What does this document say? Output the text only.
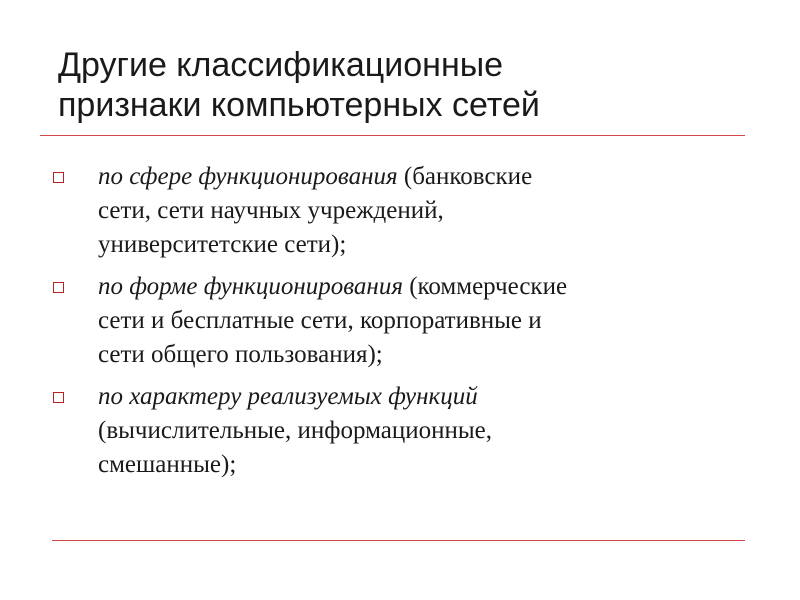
Другие классификационные
признаки компьютерных сетей
по сфере функционирования (банковские
сети, сети научных учреждений,
университетские сети);
по форме функционирования (коммерческие
сети и бесплатные сети, корпоративные и
сети общего пользования);
по характеру реализуемых функций
(вычислительные, информационные,
смешанные);
